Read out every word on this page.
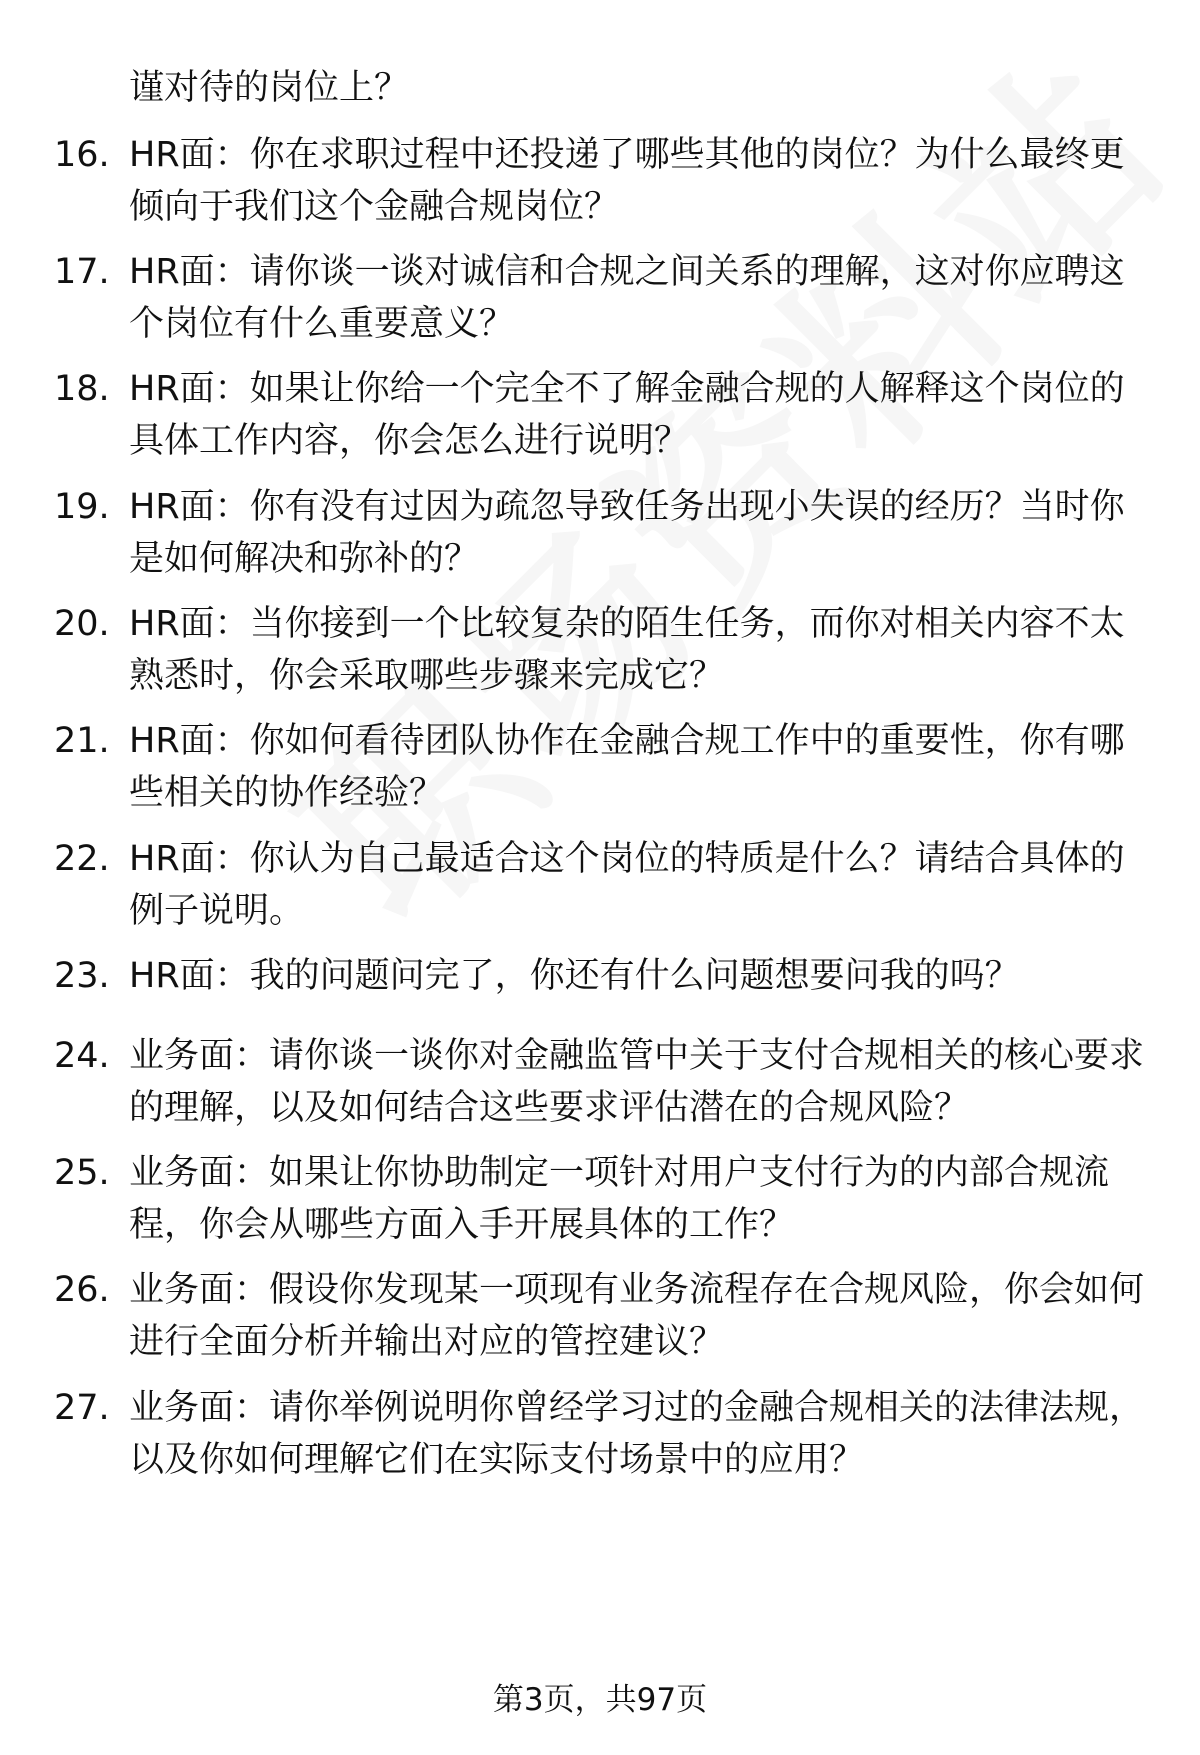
谨对待的岗位上？

16. HR面：你在求职过程中还投递了哪些其他的岗位？为什么最终更倾向于我们这个金融合规岗位？

17. HR面：请你谈一谈对诚信和合规之间关系的理解，这对你应聘这个岗位有什么重要意义？

18. HR面：如果让你给一个完全不了解金融合规的人解释这个岗位的具体工作内容，你会怎么进行说明？

19. HR面：你有没有过因为疏忽导致任务出现小失误的经历？当时你是如何解决和弥补的？

20. HR面：当你接到一个比较复杂的陌生任务，而你对相关内容不太熟悉时，你会采取哪些步骤来完成它？

21. HR面：你如何看待团队协作在金融合规工作中的重要性，你有哪些相关的协作经验？

22. HR面：你认为自己最适合这个岗位的特质是什么？请结合具体的例子说明。

23. HR面：我的问题问完了，你还有什么问题想要问我的吗？

24. 业务面：请你谈一谈你对金融监管中关于支付合规相关的核心要求的理解，以及如何结合这些要求评估潜在的合规风险？

25. 业务面：如果让你协助制定一项针对用户支付行为的内部合规流程，你会从哪些方面入手开展具体的工作？

26. 业务面：假设你发现某一项现有业务流程存在合规风险，你会如何进行全面分析并输出对应的管控建议？

27. 业务面：请你举例说明你曾经学习过的金融合规相关的法律法规，以及你如何理解它们在实际支付场景中的应用？

第3页，共97页
